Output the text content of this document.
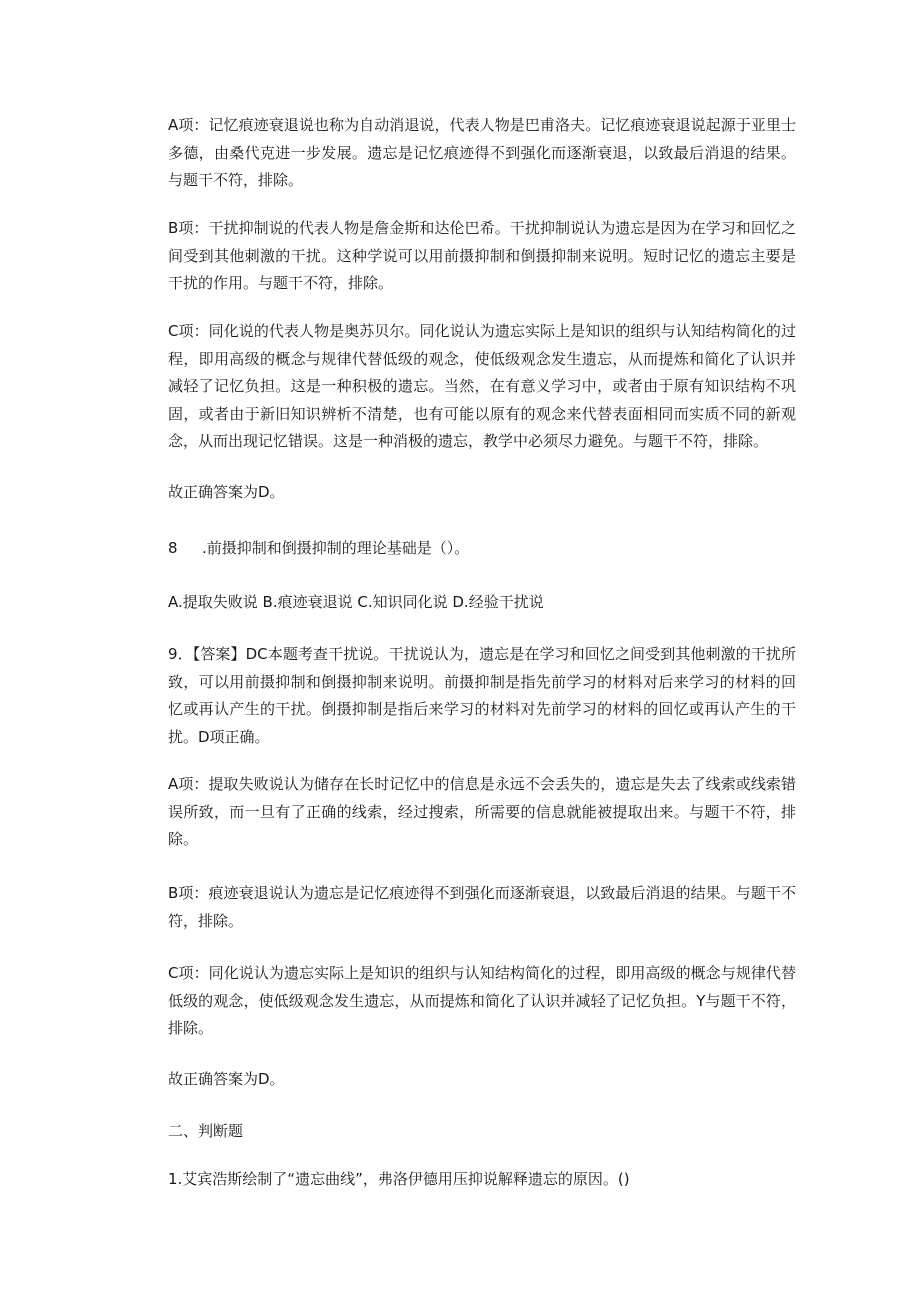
A项：记忆痕迹衰退说也称为自动消退说，代表人物是巴甫洛夫。记忆痕迹衰退说起源于亚里士多德，由桑代克进一步发展。遗忘是记忆痕迹得不到强化而逐渐衰退，以致最后消退的结果。与题干不符，排除。

B项：干扰抑制说的代表人物是詹金斯和达伦巴希。干扰抑制说认为遗忘是因为在学习和回忆之间受到其他刺激的干扰。这种学说可以用前摄抑制和倒摄抑制来说明。短时记忆的遗忘主要是干扰的作用。与题干不符，排除。

C项：同化说的代表人物是奥苏贝尔。同化说认为遗忘实际上是知识的组织与认知结构简化的过程，即用高级的概念与规律代替低级的观念，使低级观念发生遗忘，从而提炼和简化了认识并减轻了记忆负担。这是一种积极的遗忘。当然，在有意义学习中，或者由于原有知识结构不巩固，或者由于新旧知识辨析不清楚，也有可能以原有的观念来代替表面相同而实质不同的新观念，从而出现记忆错误。这是一种消极的遗忘，教学中必须尽力避免。与题干不符，排除。

故正确答案为D。

8 .前摄抑制和倒摄抑制的理论基础是（）。

A.提取失败说 B.痕迹衰退说 C.知识同化说 D.经验干扰说

9．【答案】DC本题考查干扰说。干扰说认为，遗忘是在学习和回忆之间受到其他刺激的干扰所致，可以用前摄抑制和倒摄抑制来说明。前摄抑制是指先前学习的材料对后来学习的材料的回忆或再认产生的干扰。倒摄抑制是指后来学习的材料对先前学习的材料的回忆或再认产生的干扰。D项正确。

A项：提取失败说认为储存在长时记忆中的信息是永远不会丢失的，遗忘是失去了线索或线索错误所致，而一旦有了正确的线索，经过搜索，所需要的信息就能被提取出来。与题干不符，排除。

B项：痕迹衰退说认为遗忘是记忆痕迹得不到强化而逐渐衰退，以致最后消退的结果。与题干不符，排除。

C项：同化说认为遗忘实际上是知识的组织与认知结构简化的过程，即用高级的概念与规律代替低级的观念，使低级观念发生遗忘，从而提炼和简化了认识并减轻了记忆负担。Y与题干不符，排除。

故正确答案为D。

二、判断题

1.艾宾浩斯绘制了“遗忘曲线”，弗洛伊德用压抑说解释遗忘的原因。()
